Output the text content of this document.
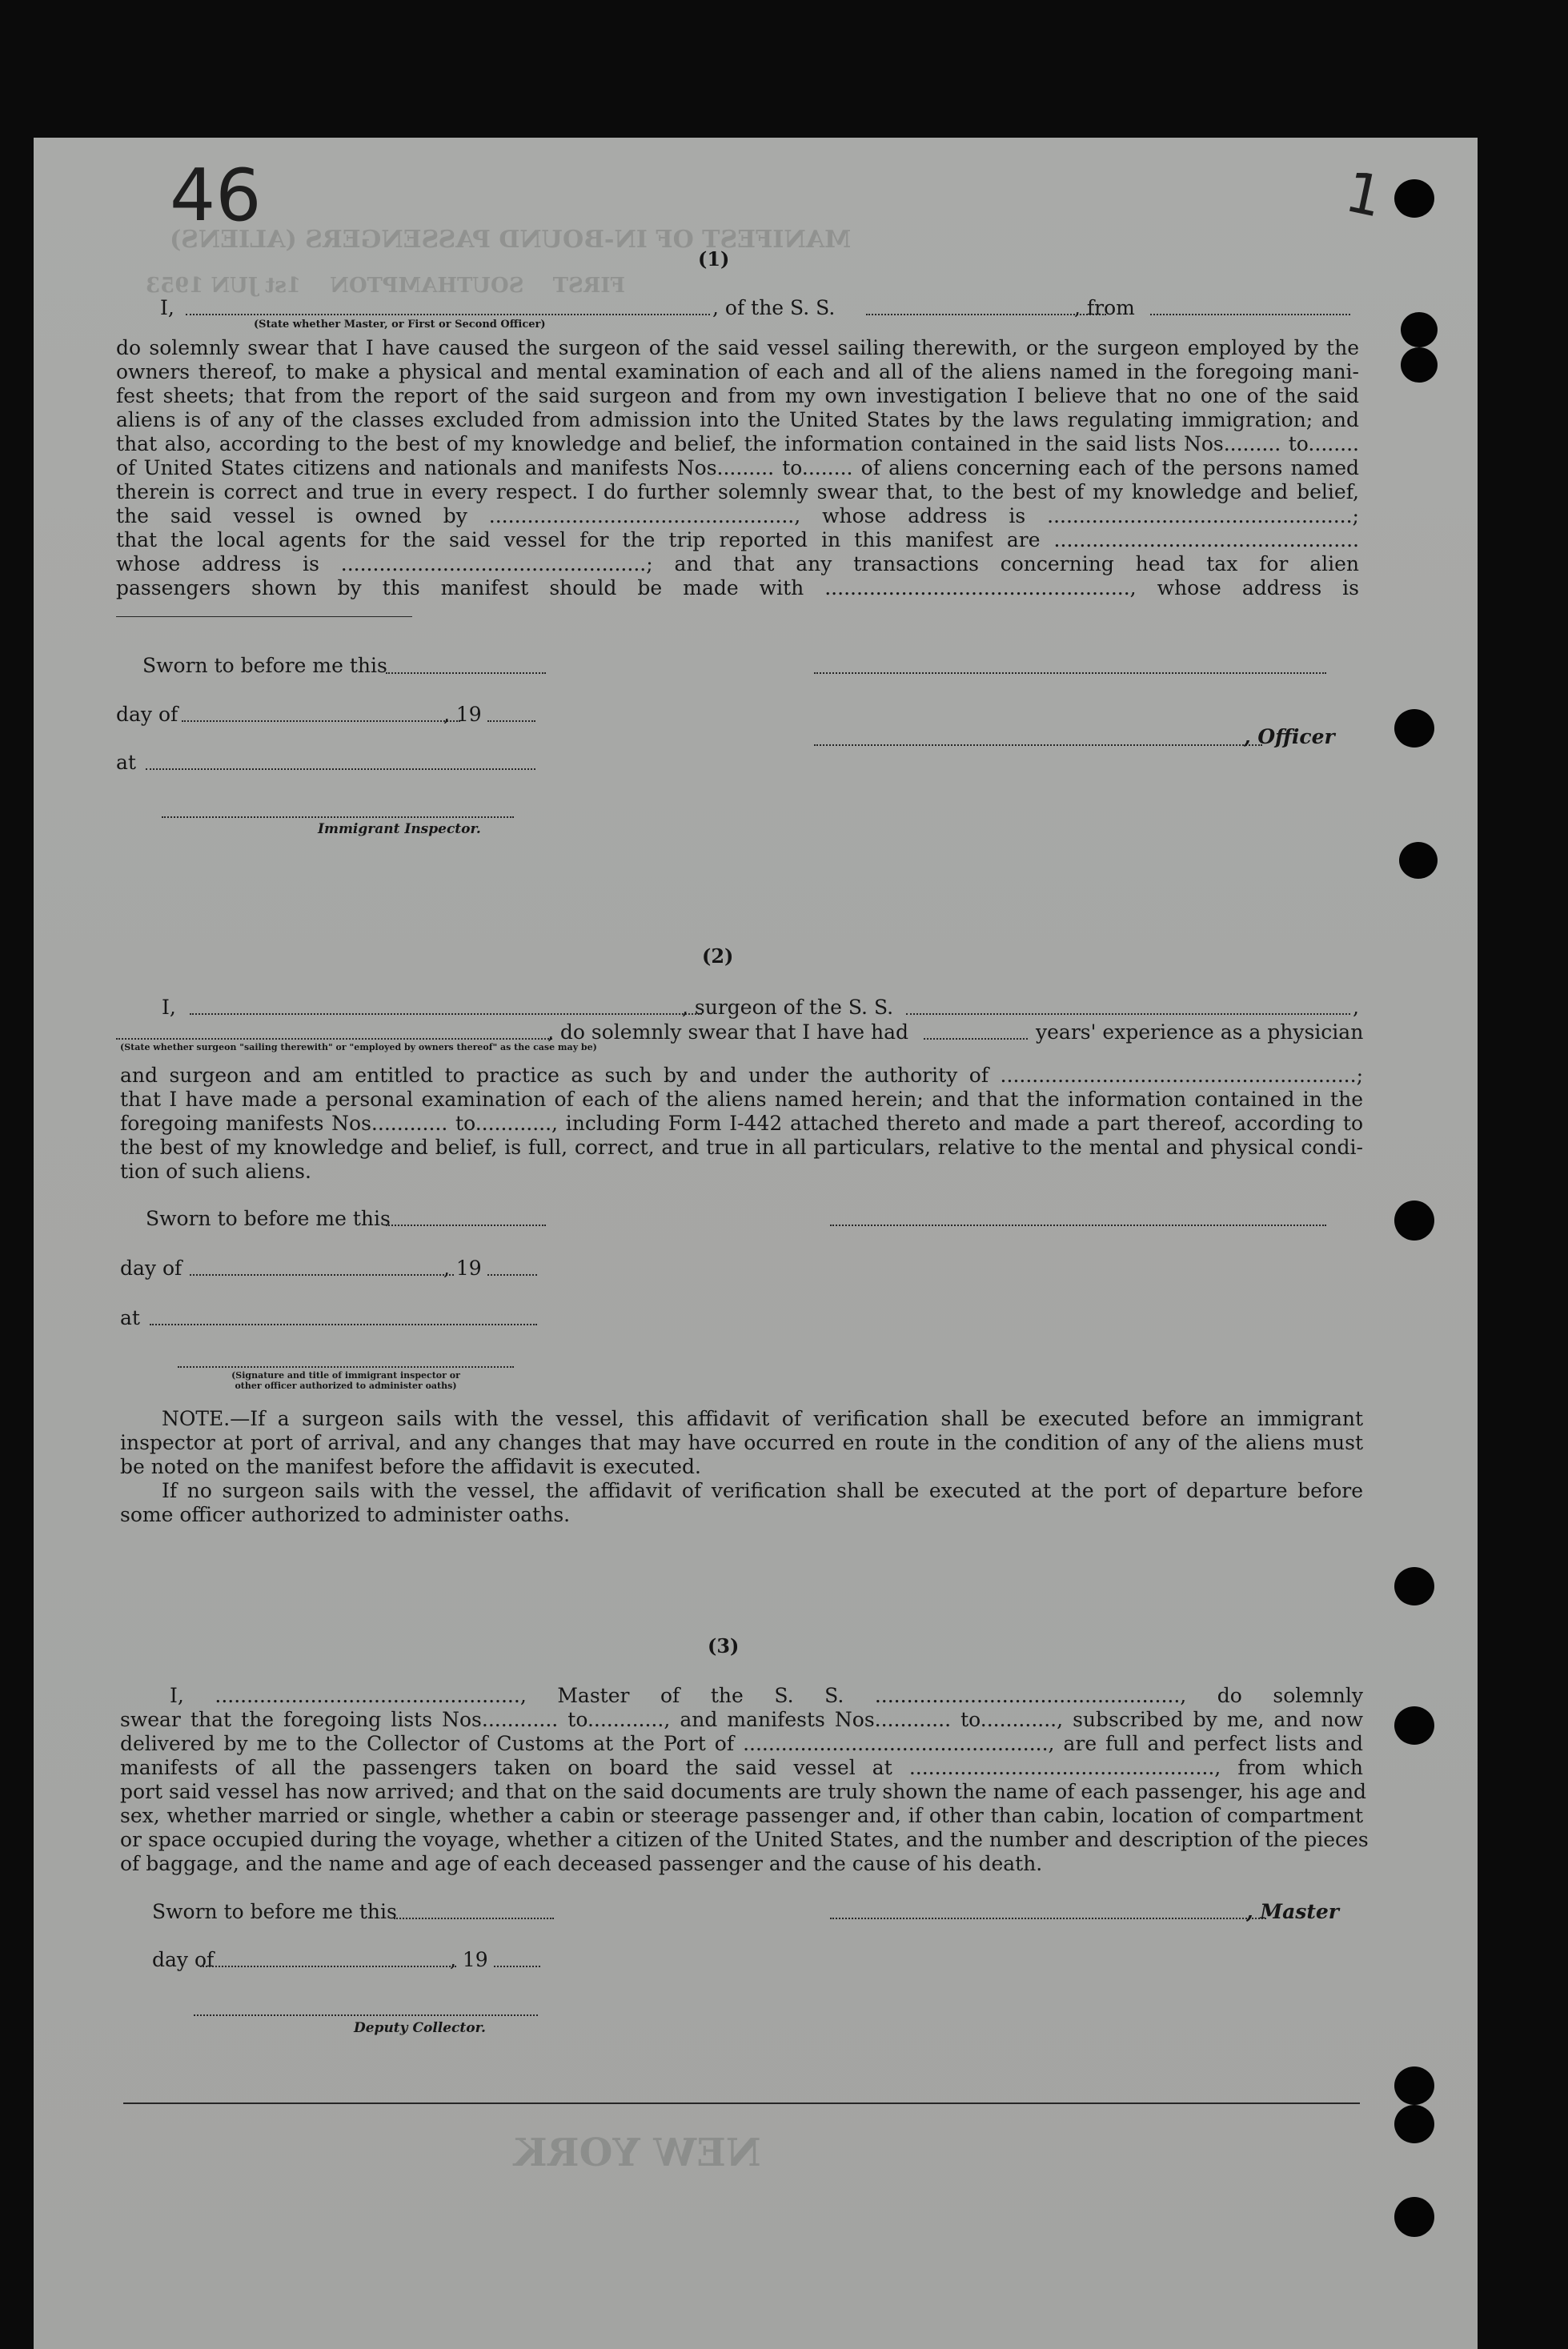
MANIFEST OF IN-BOUND PASSENGERS (ALIENS)
FIRST    SOUTHAMPTON    1st JUN 1953
NEW YORK
46	1
(1)
I,	, of the S. S.	, from
(State whether Master, or First or Second Officer)
do solemnly swear that I have caused the surgeon of the said vessel sailing therewith, or the surgeon employed by the
owners thereof, to make a physical and mental examination of each and all of the aliens named in the foregoing mani-
fest sheets; that from the report of the said surgeon and from my own investigation I believe that no one of the said
aliens is of any of the classes excluded from admission into the United States by the laws regulating immigration; and
that also, according to the best of my knowledge and belief, the information contained in the said lists Nos......... to........
of United States citizens and nationals and manifests Nos......... to........ of aliens concerning each of the persons named
therein is correct and true in every respect. I do further solemnly swear that, to the best of my knowledge and belief,
the said vessel is owned by ................................................, whose address is ................................................;
that the local agents for the said vessel for the trip reported in this manifest are ................................................
whose address is ................................................; and that any transactions concerning head tax for alien
passengers shown by this manifest should be made with ................................................, whose address is
Sworn to before me this
day of	, 19
, Officer
at
Immigrant Inspector.
(2)
I,	, surgeon of the S. S.	,
, do solemnly swear that I have had	years' experience as a physician
(State whether surgeon "sailing therewith" or "employed by owners thereof" as the case may be)
and surgeon and am entitled to practice as such by and under the authority of ........................................................;
that I have made a personal examination of each of the aliens named herein; and that the information contained in the
foregoing manifests Nos............ to............, including Form I-442 attached thereto and made a part thereof, according to
the best of my knowledge and belief, is full, correct, and true in all particulars, relative to the mental and physical condi-
tion of such aliens.
Sworn to before me this
day of	, 19
at
(Signature and title of immigrant inspector or
other officer authorized to administer oaths)
NOTE.—If a surgeon sails with the vessel, this affidavit of verification shall be executed before an immigrant
inspector at port of arrival, and any changes that may have occurred en route in the condition of any of the aliens must
be noted on the manifest before the affidavit is executed.
If no surgeon sails with the vessel, the affidavit of verification shall be executed at the port of departure before
some officer authorized to administer oaths.
(3)
I, ................................................, Master of the S. S. ................................................, do solemnly
swear that the foregoing lists Nos............ to............, and manifests Nos............ to............, subscribed by me, and now
delivered by me to the Collector of Customs at the Port of ................................................, are full and perfect lists and
manifests of all the passengers taken on board the said vessel at ................................................, from which
port said vessel has now arrived; and that on the said documents are truly shown the name of each passenger, his age and
sex, whether married or single, whether a cabin or steerage passenger and, if other than cabin, location of compartment
or space occupied during the voyage, whether a citizen of the United States, and the number and description of the pieces
of baggage, and the name and age of each deceased passenger and the cause of his death.
Sworn to before me this	, Master
day of	, 19
Deputy Collector.
